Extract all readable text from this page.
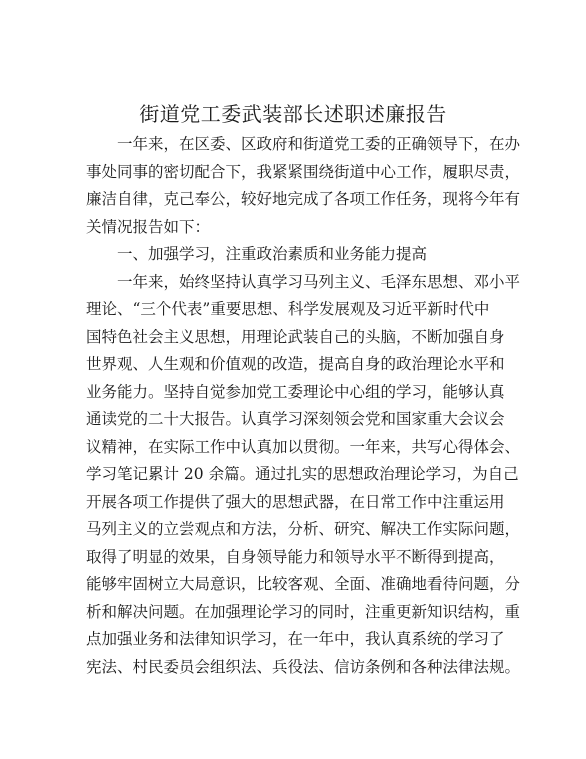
街道党工委武装部长述职述廉报告
一年来，在区委、区政府和街道党工委的正确领导下，在办
事处同事的密切配合下，我紧紧围绕街道中心工作，履职尽责，
廉洁自律，克己奉公，较好地完成了各项工作任务，现将今年有
关情况报告如下：
一、加强学习，注重政治素质和业务能力提高
一年来，始终坚持认真学习马列主义、毛泽东思想、邓小平
理论、“三个代表”重要思想、科学发展观及习近平新时代中
国特色社会主义思想，用理论武装自己的头脑，不断加强自身
世界观、人生观和价值观的改造，提高自身的政治理论水平和
业务能力。坚持自觉参加党工委理论中心组的学习，能够认真
通读党的二十大报告。认真学习深刻领会党和国家重大会议会
议精神，在实际工作中认真加以贯彻。一年来，共写心得体会、
学习笔记累计 20 余篇。通过扎实的思想政治理论学习，为自己
开展各项工作提供了强大的思想武器，在日常工作中注重运用
马列主义的立尝观点和方法，分析、研究、解决工作实际问题，
取得了明显的效果，自身领导能力和领导水平不断得到提高，
能够牢固树立大局意识，比较客观、全面、准确地看待问题，分
析和解决问题。在加强理论学习的同时，注重更新知识结构，重
点加强业务和法律知识学习，在一年中，我认真系统的学习了
宪法、村民委员会组织法、兵役法、信访条例和各种法律法规。
